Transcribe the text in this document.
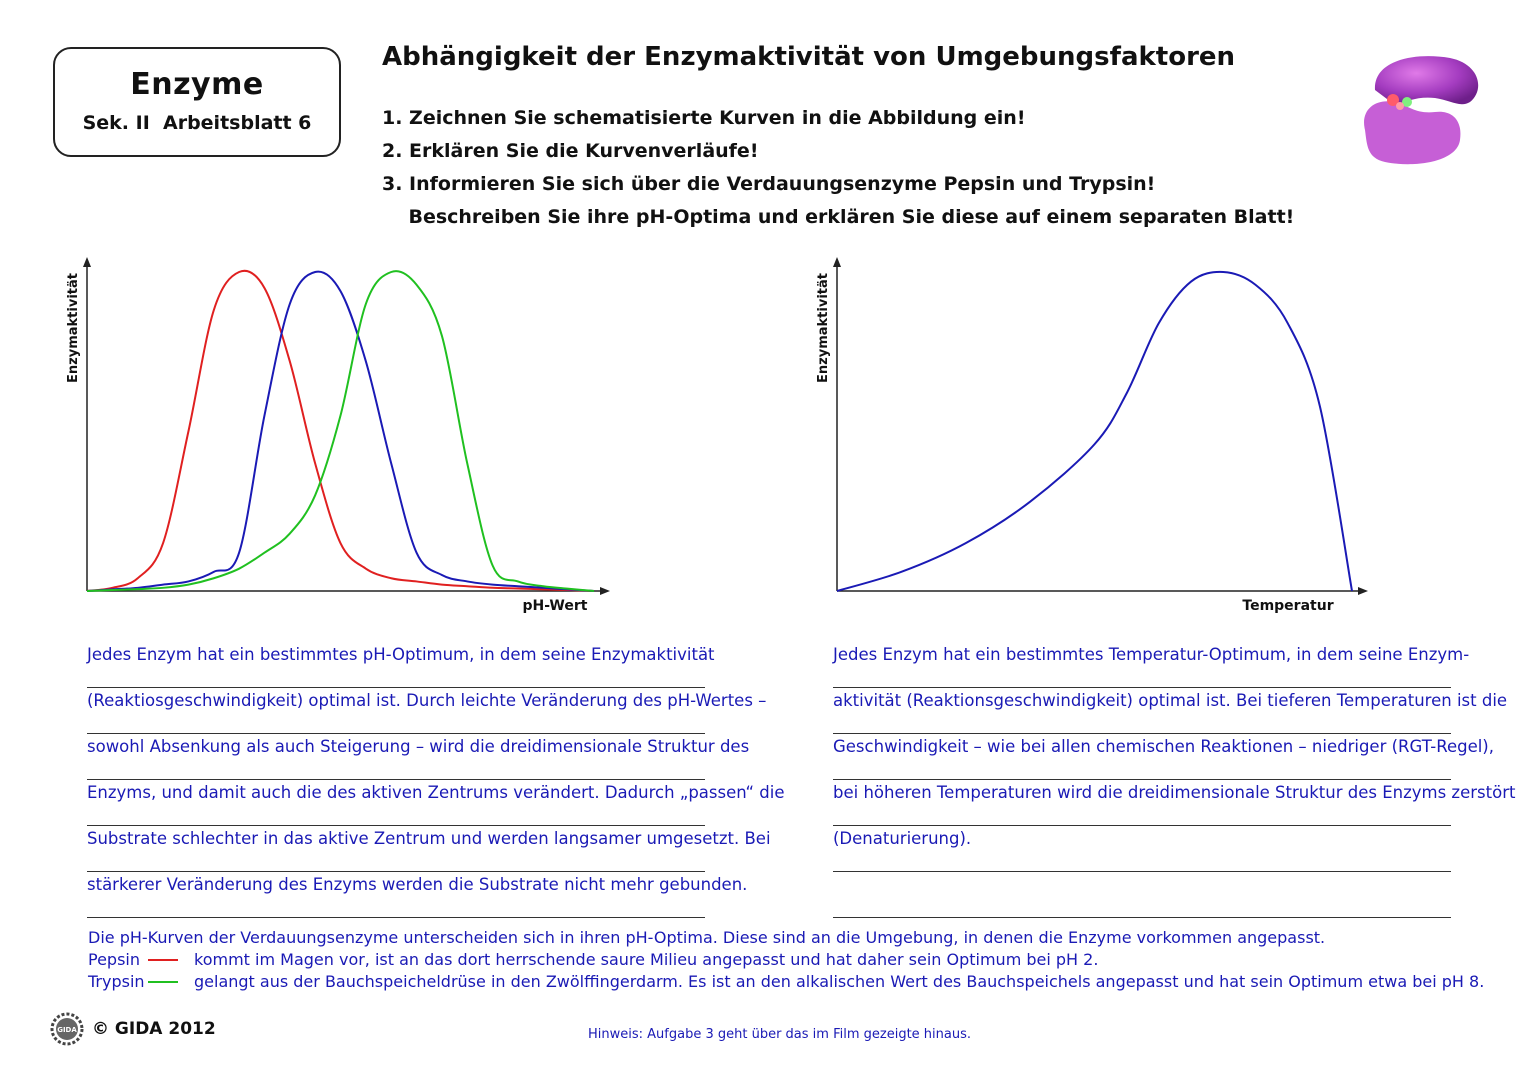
Enzyme
Sek. II  Arbeitsblatt 6
Abhängigkeit der Enzymaktivität von Umgebungsfaktoren
1. Zeichnen Sie schematisierte Kurven in die Abbildung ein!
2. Erklären Sie die Kurvenverläufe!
3. Informieren Sie sich über die Verdauungsenzyme Pepsin und Trypsin!
Beschreiben Sie ihre pH-Optima und erklären Sie diese auf einem separaten Blatt!
Enzymaktivität
pH-Wert
Enzymaktivität
Temperatur
Jedes Enzym hat ein bestimmtes pH-Optimum, in dem seine Enzymaktivität
(Reaktiosgeschwindigkeit) optimal ist. Durch leichte Veränderung des pH-Wertes –
sowohl Absenkung als auch Steigerung – wird die dreidimensionale Struktur des
Enzyms, und damit auch die des aktiven Zentrums verändert. Dadurch „passen“ die
Substrate schlechter in das aktive Zentrum und werden langsamer umgesetzt. Bei
stärkerer Veränderung des Enzyms werden die Substrate nicht mehr gebunden.
Jedes Enzym hat ein bestimmtes Temperatur-Optimum, in dem seine Enzym-
aktivität (Reaktionsgeschwindigkeit) optimal ist. Bei tieferen Temperaturen ist die
Geschwindigkeit – wie bei allen chemischen Reaktionen – niedriger (RGT-Regel),
bei höheren Temperaturen wird die dreidimensionale Struktur des Enzyms zerstört
(Denaturierung).
Die pH-Kurven der Verdauungsenzyme unterscheiden sich in ihren pH-Optima. Diese sind an die Umgebung, in denen die Enzyme vorkommen angepasst.
Pepsin	kommt im Magen vor, ist an das dort herrschende saure Milieu angepasst und hat daher sein Optimum bei pH 2.
Trypsin	gelangt aus der Bauchspeicheldrüse in den Zwölffingerdarm. Es ist an den alkalischen Wert des Bauchspeichels angepasst und hat sein Optimum etwa bei pH 8.
GIDA © GIDA 2012	Hinweis: Aufgabe 3 geht über das im Film gezeigte hinaus.
